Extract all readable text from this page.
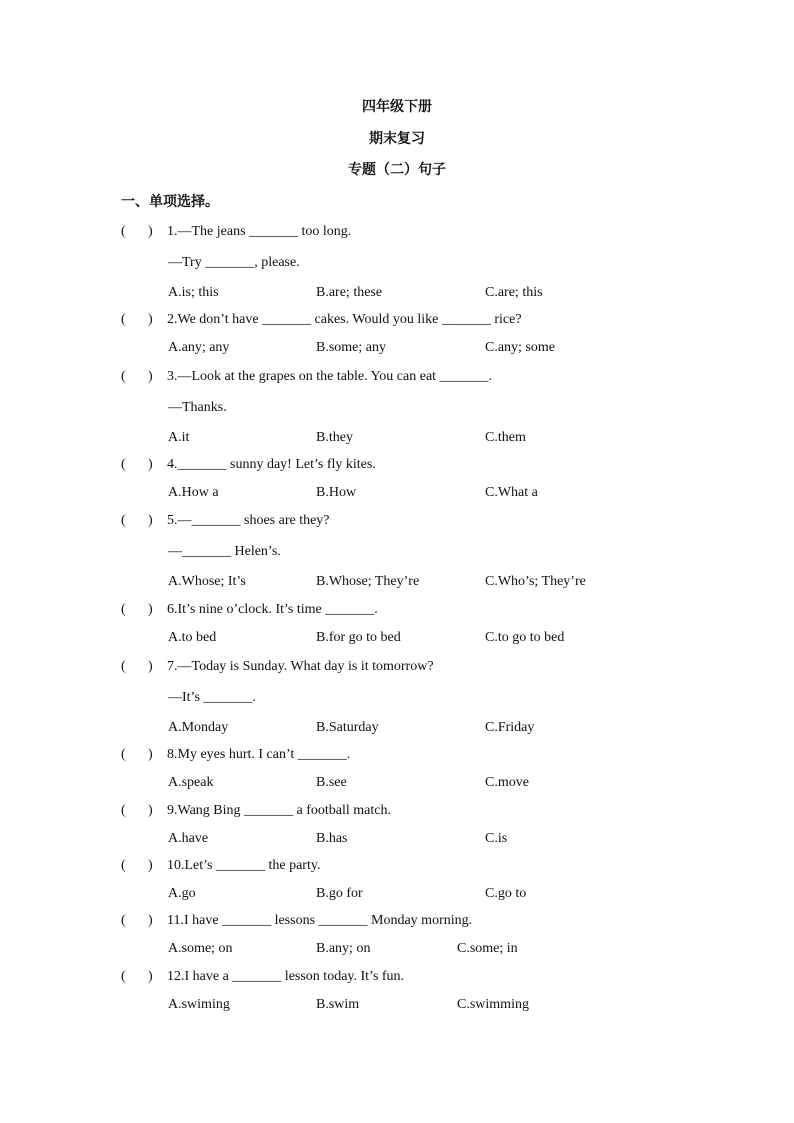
四年级下册
期末复习
专题（二）句子
一、单项选择。
( ) 1.—The jeans _______ too long.
—Try _______, please.
A.is; this	B.are; these	C.are; this
( ) 2.We don’t have _______ cakes. Would you like _______ rice?
A.any; any	B.some; any	C.any; some
( ) 3.—Look at the grapes on the table. You can eat _______.
—Thanks.
A.it	B.they	C.them
( ) 4._______ sunny day! Let’s fly kites.
A.How a	B.How	C.What a
( ) 5.—_______ shoes are they?
—_______ Helen’s.
A.Whose; It’s	B.Whose; They’re	C.Who’s; They’re
( ) 6.It’s nine o’clock. It’s time _______.
A.to bed	B.for go to bed	C.to go to bed
( ) 7.—Today is Sunday. What day is it tomorrow?
—It’s _______.
A.Monday	B.Saturday	C.Friday
( ) 8.My eyes hurt. I can’t _______.
A.speak	B.see	C.move
( ) 9.Wang Bing _______ a football match.
A.have	B.has	C.is
( ) 10.Let’s _______ the party.
A.go	B.go for	C.go to
( ) 11.I have _______ lessons _______ Monday morning.
A.some; on	B.any; on	C.some; in
( ) 12.I have a _______ lesson today. It’s fun.
A.swiming	B.swim	C.swimming
